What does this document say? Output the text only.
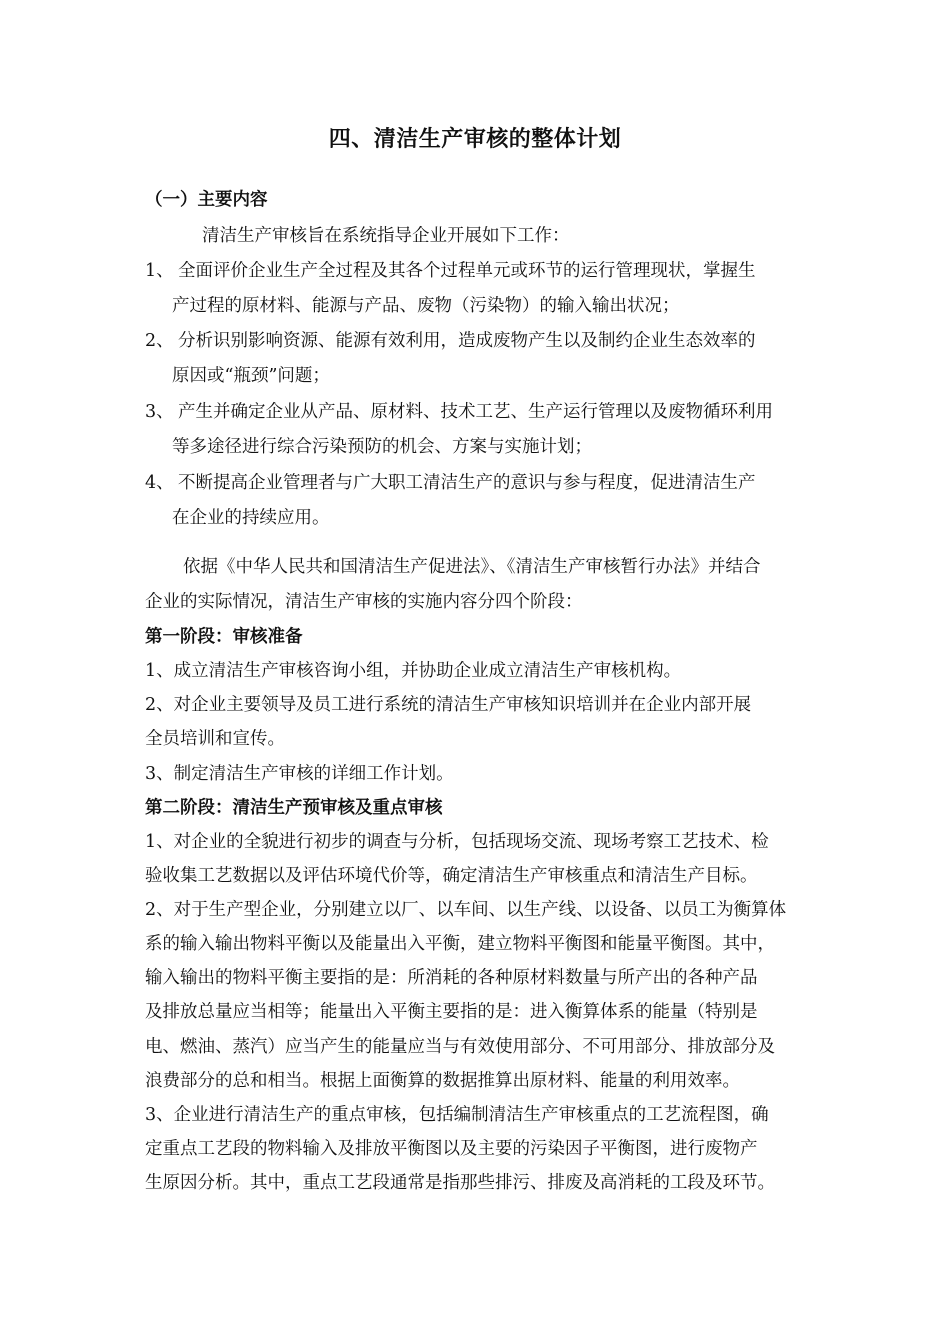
四、清洁生产审核的整体计划
（一）主要内容
清洁生产审核旨在系统指导企业开展如下工作：
1、 全面评价企业生产全过程及其各个过程单元或环节的运行管理现状，掌握生
产过程的原材料、能源与产品、废物（污染物）的输入输出状况；
2、 分析识别影响资源、能源有效利用，造成废物产生以及制约企业生态效率的
原因或“瓶颈”问题；
3、 产生并确定企业从产品、原材料、技术工艺、生产运行管理以及废物循环利用
等多途径进行综合污染预防的机会、方案与实施计划；
4、 不断提高企业管理者与广大职工清洁生产的意识与参与程度，促进清洁生产
在企业的持续应用。
依据《中华人民共和国清洁生产促进法》、《清洁生产审核暂行办法》并结合
企业的实际情况，清洁生产审核的实施内容分四个阶段：
第一阶段：审核准备
1、成立清洁生产审核咨询小组，并协助企业成立清洁生产审核机构。
2、对企业主要领导及员工进行系统的清洁生产审核知识培训并在企业内部开展
全员培训和宣传。
3、制定清洁生产审核的详细工作计划。
第二阶段：清洁生产预审核及重点审核
1、对企业的全貌进行初步的调查与分析，包括现场交流、现场考察工艺技术、检
验收集工艺数据以及评估环境代价等，确定清洁生产审核重点和清洁生产目标。
2、对于生产型企业，分别建立以厂、以车间、以生产线、以设备、以员工为衡算体
系的输入输出物料平衡以及能量出入平衡，建立物料平衡图和能量平衡图。其中，
输入输出的物料平衡主要指的是：所消耗的各种原材料数量与所产出的各种产品
及排放总量应当相等；能量出入平衡主要指的是：进入衡算体系的能量（特别是
电、燃油、蒸汽）应当产生的能量应当与有效使用部分、不可用部分、排放部分及
浪费部分的总和相当。根据上面衡算的数据推算出原材料、能量的利用效率。
3、企业进行清洁生产的重点审核，包括编制清洁生产审核重点的工艺流程图，确
定重点工艺段的物料输入及排放平衡图以及主要的污染因子平衡图，进行废物产
生原因分析。其中，重点工艺段通常是指那些排污、排废及高消耗的工段及环节。
